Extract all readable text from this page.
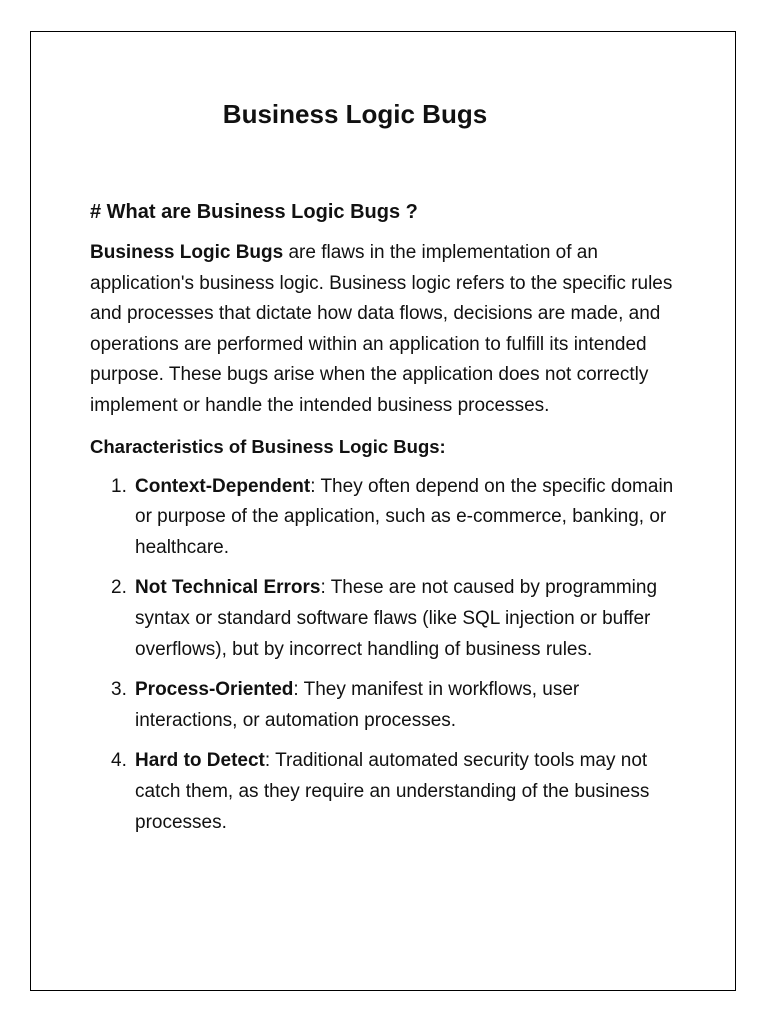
Business Logic Bugs
# What are Business Logic Bugs ?

Business Logic Bugs are flaws in the implementation of an application's business logic. Business logic refers to the specific rules and processes that dictate how data flows, decisions are made, and operations are performed within an application to fulfill its intended purpose. These bugs arise when the application does not correctly implement or handle the intended business processes.

Characteristics of Business Logic Bugs:

1. Context-Dependent: They often depend on the specific domain or purpose of the application, such as e-commerce, banking, or healthcare.
2. Not Technical Errors: These are not caused by programming syntax or standard software flaws (like SQL injection or buffer overflows), but by incorrect handling of business rules.
3. Process-Oriented: They manifest in workflows, user interactions, or automation processes.
4. Hard to Detect: Traditional automated security tools may not catch them, as they require an understanding of the business processes.
